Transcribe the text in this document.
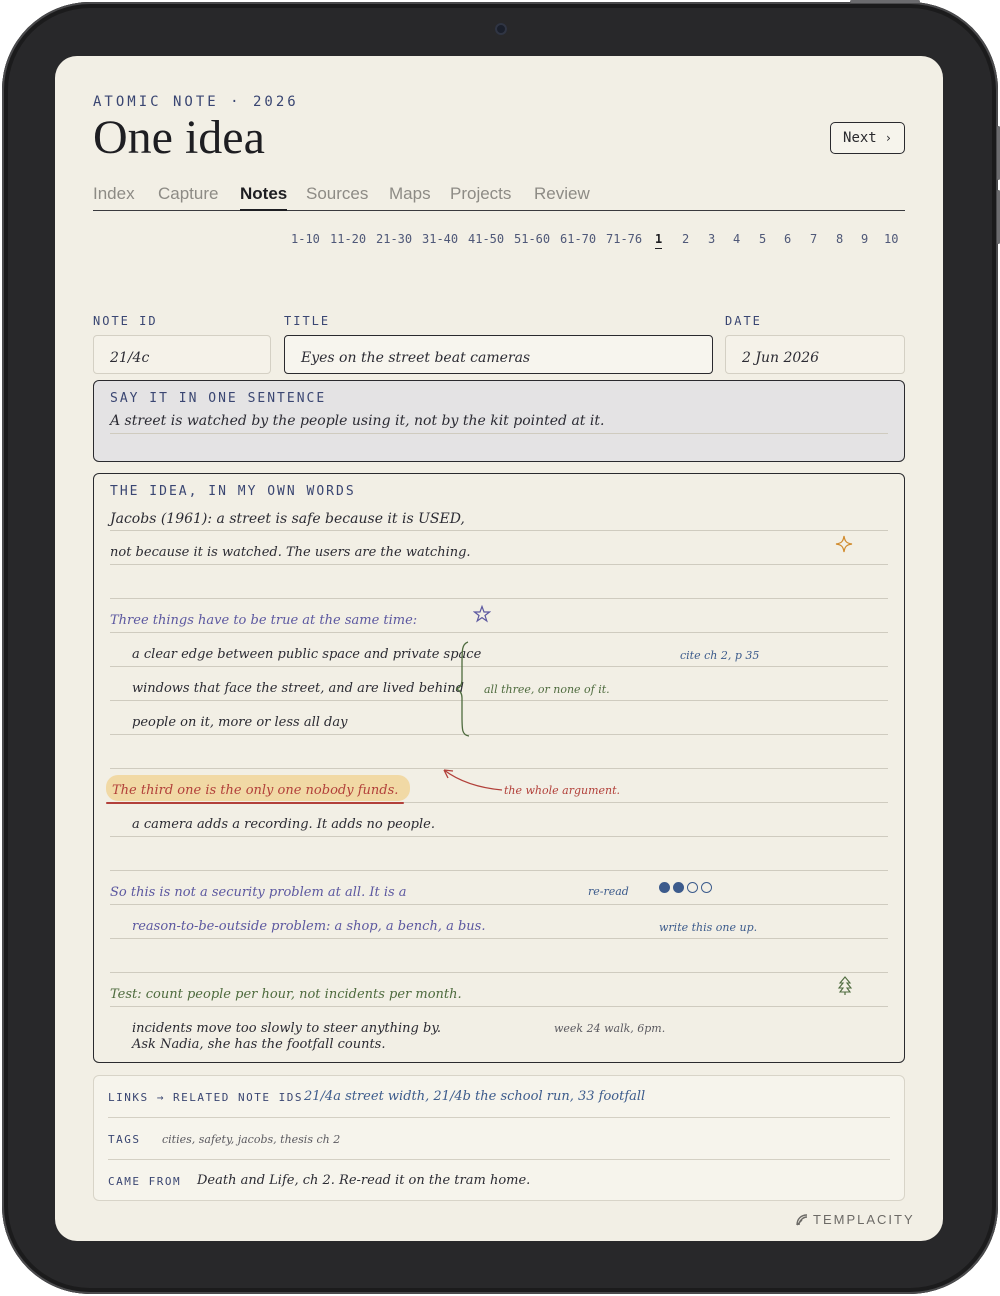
ATOMIC NOTE · 2026
One idea	Next ›
Index Capture Notes Sources Maps Projects Review
1-10 11-20 21-30 31-40 41-50 51-60 61-70 71-76 1 2 3 4 5 6 7 8 9 10
NOTE ID	TITLE	DATE
21/4c	Eyes on the street beat cameras	2 Jun 2026
SAY IT IN ONE SENTENCE
A street is watched by the people using it, not by the kit pointed at it.
THE IDEA, IN MY OWN WORDS
Jacobs (1961): a street is safe because it is USED,
not because it is watched. The users are the watching.
Three things have to be true at the same time:
a clear edge between public space and private space
windows that face the street, and are lived behind
people on it, more or less all day
The third one is the only one nobody funds.
a camera adds a recording. It adds no people.
So this is not a security problem at all. It is a
reason-to-be-outside problem: a shop, a bench, a bus.
Test: count people per hour, not incidents per month.
incidents move too slowly to steer anything by.
Ask Nadia, she has the footfall counts.
cite ch 2, p 35
all three, or none of it.
the whole argument.
re-read
write this one up.
week 24 walk, 6pm.
LINKS → RELATED NOTE IDS 21/4a street width, 21/4b the school run, 33 footfall
TAGS cities, safety, jacobs, thesis ch 2
CAME FROM Death and Life, ch 2. Re-read it on the tram home.
TEMPLACITY
